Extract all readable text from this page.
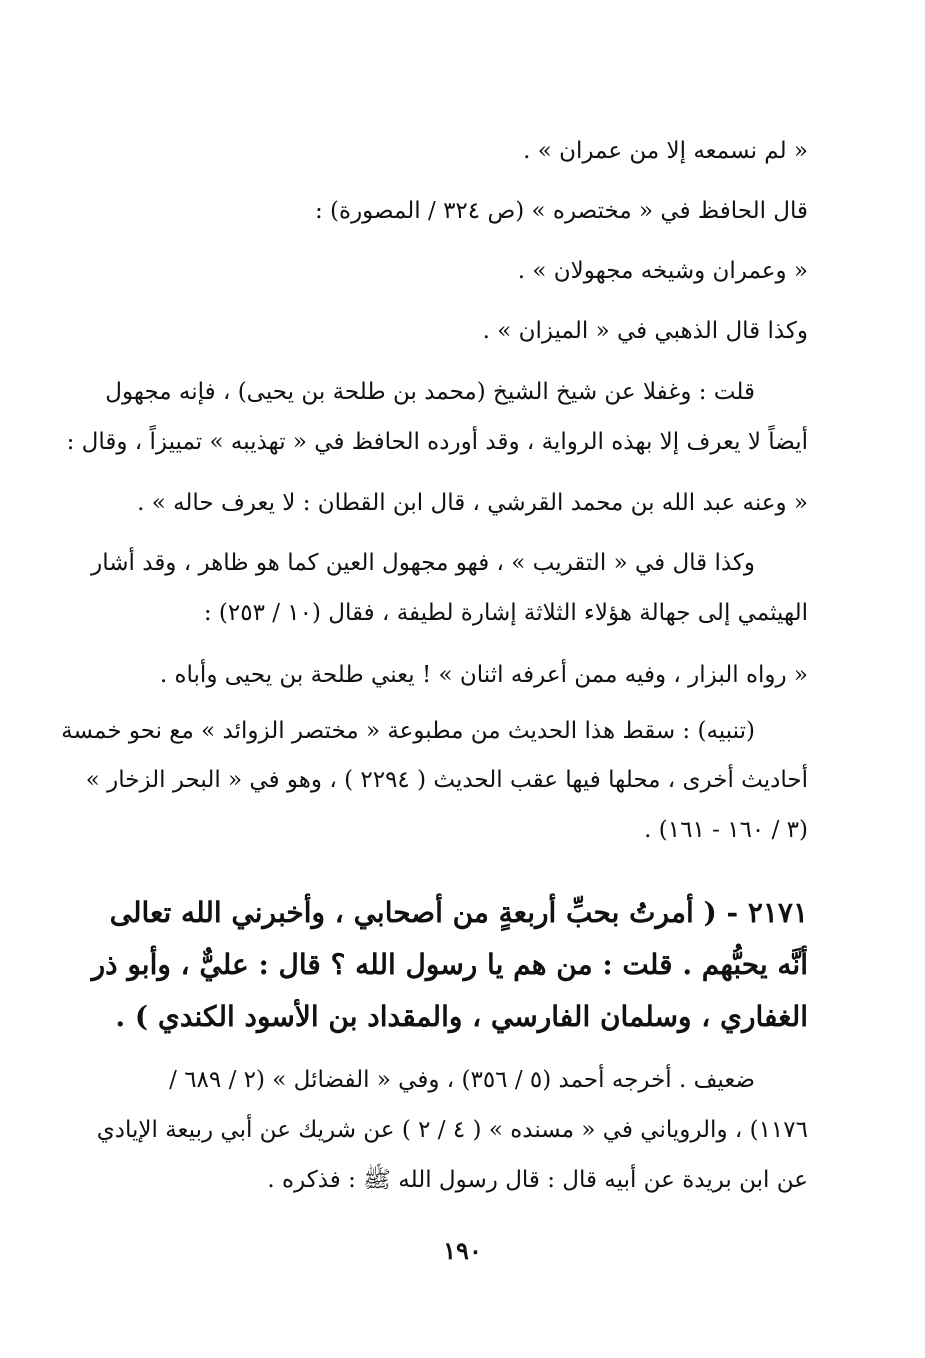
« لم نسمعه إلا من عمران » .
قال الحافظ في « مختصره » (ص ٣٢٤ / المصورة) :
« وعمران وشيخه مجهولان » .
وكذا قال الذهبي في « الميزان » .
قلت : وغفلا عن شيخ الشيخ (محمد بن طلحة بن يحيى) ، فإنه مجهول
أيضاً لا يعرف إلا بهذه الرواية ، وقد أورده الحافظ في « تهذيبه » تمييزاً ، وقال :
« وعنه عبد الله بن محمد القرشي ، قال ابن القطان : لا يعرف حاله » .
وكذا قال في « التقريب » ، فهو مجهول العين كما هو ظاهر ، وقد أشار
الهيثمي إلى جهالة هؤلاء الثلاثة إشارة لطيفة ، فقال (١٠ / ٢٥٣) :
« رواه البزار ، وفيه ممن أعرفه اثنان » ! يعني طلحة بن يحيى وأباه .
(تنبيه) : سقط هذا الحديث من مطبوعة « مختصر الزوائد » مع نحو خمسة
أحاديث أخرى ، محلها فيها عقب الحديث ( ٢٢٩٤ ) ، وهو في « البحر الزخار »
(٣ / ١٦٠ - ١٦١) .
٢١٧١ - ( أمرتُ بحبِّ أربعةٍ من أصحابي ، وأخبرني الله تعالى
أنَّه يحبُّهم . قلت : من هم يا رسول الله ؟ قال : عليٌّ ، وأبو ذر
الغفاري ، وسلمان الفارسي ، والمقداد بن الأسود الكندي ) .
ضعيف . أخرجه أحمد (٥ / ٣٥٦) ، وفي « الفضائل » (٢ / ٦٨٩ /
١١٧٦) ، والروياني في « مسنده » ( ٤ / ٢ ) عن شريك عن أبي ربيعة الإيادي
عن ابن بريدة عن أبيه قال : قال رسول الله ﷺ : فذكره .
١٩٠
